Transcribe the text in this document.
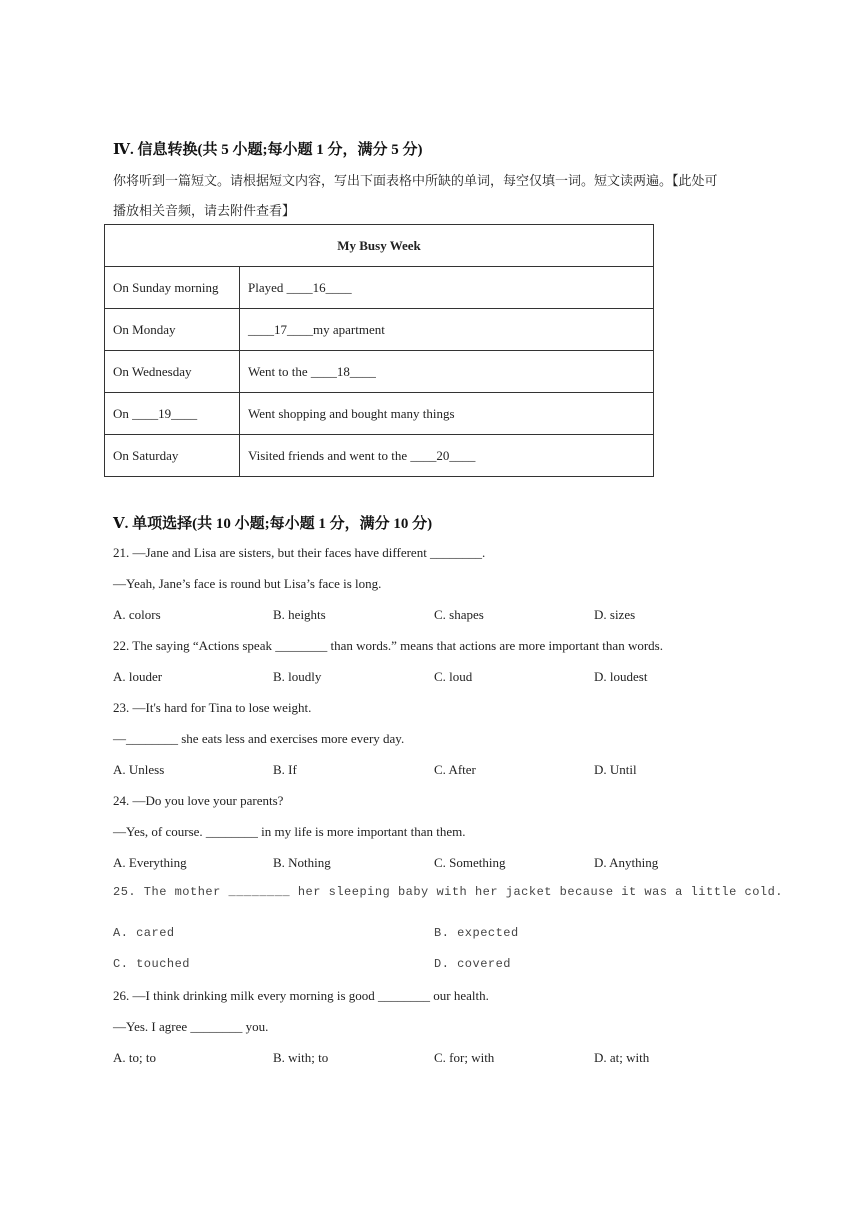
Ⅳ. 信息转换(共 5 小题;每小题 1 分，满分 5 分)
你将听到一篇短文。请根据短文内容，写出下面表格中所缺的单词，每空仅填一词。短文读两遍。【此处可
播放相关音频，请去附件查看】
My Busy Week	
On Sunday morning	Played ____16____
On Monday	____17____my apartment
On Wednesday	Went to the ____18____
On ____19____	Went shopping and bought many things
On Saturday	Visited friends and went to the ____20____
Ⅴ. 单项选择(共 10 小题;每小题 1 分，满分 10 分)
21. —Jane and Lisa are sisters, but their faces have different ________.
—Yeah, Jane’s face is round but Lisa’s face is long.
A. colors	B. heights	C. shapes	D. sizes
22. The saying “Actions speak ________ than words.” means that actions are more important than words.
A. louder	B. loudly	C. loud	D. loudest
23. —It's hard for Tina to lose weight.
—________ she eats less and exercises more every day.
A. Unless	B. If	C. After	D. Until
24. —Do you love your parents?
—Yes, of course. ________ in my life is more important than them.
A. Everything	B. Nothing	C. Something	D. Anything
25. The mother ________ her sleeping baby with her jacket because it was a little cold.
A. cared	B. expected
C. touched	D. covered
26. —I think drinking milk every morning is good ________ our health.
—Yes. I agree ________ you.
A. to; to	B. with; to	C. for; with	D. at; with
